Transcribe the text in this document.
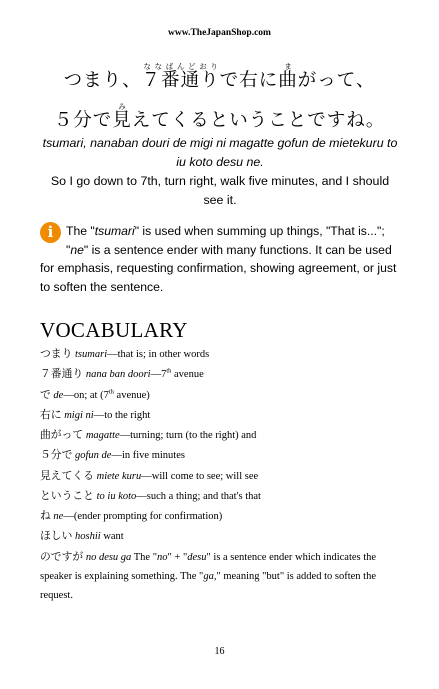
www.TheJapanShop.com
つまり、７番通りななばんどおりで右に曲まがって、
５分で見みえてくるということですね。
tsumari, nanaban douri de migi ni magatte gofun de mietekuru to iu koto desu ne.
So I go down to 7th, turn right, walk five minutes, and I should see it.
i	The "tsumari" is used when summing up things, "That is..."; "ne" is a sentence ender with many functions. It can be used for emphasis, requesting confirmation, showing agreement, or just to soften the sentence.
VOCABULARY
つまり tsumari—that is; in other words
７番通り nana ban doori—7th avenue
で de—on; at (7th avenue)
右に migi ni—to the right
曲がって magatte—turning; turn (to the right) and
５分で gofun de—in five minutes
見えてくる miete kuru—will come to see; will see
ということ to iu koto—such a thing; and that's that
ね ne—(ender prompting for confirmation)
ほしい hoshii want
のですが no desu ga The "no" + "desu" is a sentence ender which indicates the speaker is explaining something. The "ga," meaning "but" is added to soften the request.
16
